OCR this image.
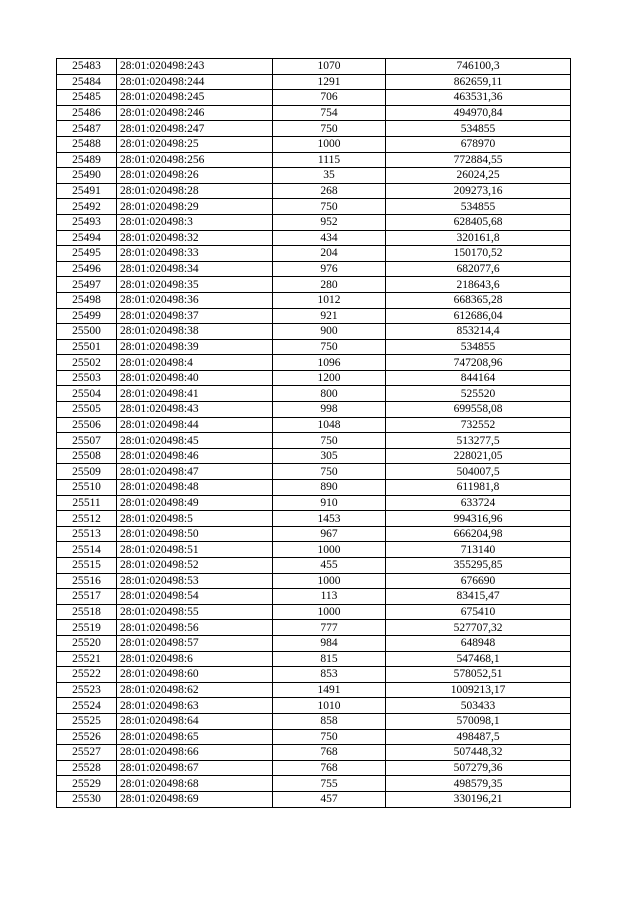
25483	28:01:020498:243	1070	746100,3
25484	28:01:020498:244	1291	862659,11
25485	28:01:020498:245	706	463531,36
25486	28:01:020498:246	754	494970,84
25487	28:01:020498:247	750	534855
25488	28:01:020498:25	1000	678970
25489	28:01:020498:256	1115	772884,55
25490	28:01:020498:26	35	26024,25
25491	28:01:020498:28	268	209273,16
25492	28:01:020498:29	750	534855
25493	28:01:020498:3	952	628405,68
25494	28:01:020498:32	434	320161,8
25495	28:01:020498:33	204	150170,52
25496	28:01:020498:34	976	682077,6
25497	28:01:020498:35	280	218643,6
25498	28:01:020498:36	1012	668365,28
25499	28:01:020498:37	921	612686,04
25500	28:01:020498:38	900	853214,4
25501	28:01:020498:39	750	534855
25502	28:01:020498:4	1096	747208,96
25503	28:01:020498:40	1200	844164
25504	28:01:020498:41	800	525520
25505	28:01:020498:43	998	699558,08
25506	28:01:020498:44	1048	732552
25507	28:01:020498:45	750	513277,5
25508	28:01:020498:46	305	228021,05
25509	28:01:020498:47	750	504007,5
25510	28:01:020498:48	890	611981,8
25511	28:01:020498:49	910	633724
25512	28:01:020498:5	1453	994316,96
25513	28:01:020498:50	967	666204,98
25514	28:01:020498:51	1000	713140
25515	28:01:020498:52	455	355295,85
25516	28:01:020498:53	1000	676690
25517	28:01:020498:54	113	83415,47
25518	28:01:020498:55	1000	675410
25519	28:01:020498:56	777	527707,32
25520	28:01:020498:57	984	648948
25521	28:01:020498:6	815	547468,1
25522	28:01:020498:60	853	578052,51
25523	28:01:020498:62	1491	1009213,17
25524	28:01:020498:63	1010	503433
25525	28:01:020498:64	858	570098,1
25526	28:01:020498:65	750	498487,5
25527	28:01:020498:66	768	507448,32
25528	28:01:020498:67	768	507279,36
25529	28:01:020498:68	755	498579,35
25530	28:01:020498:69	457	330196,21
